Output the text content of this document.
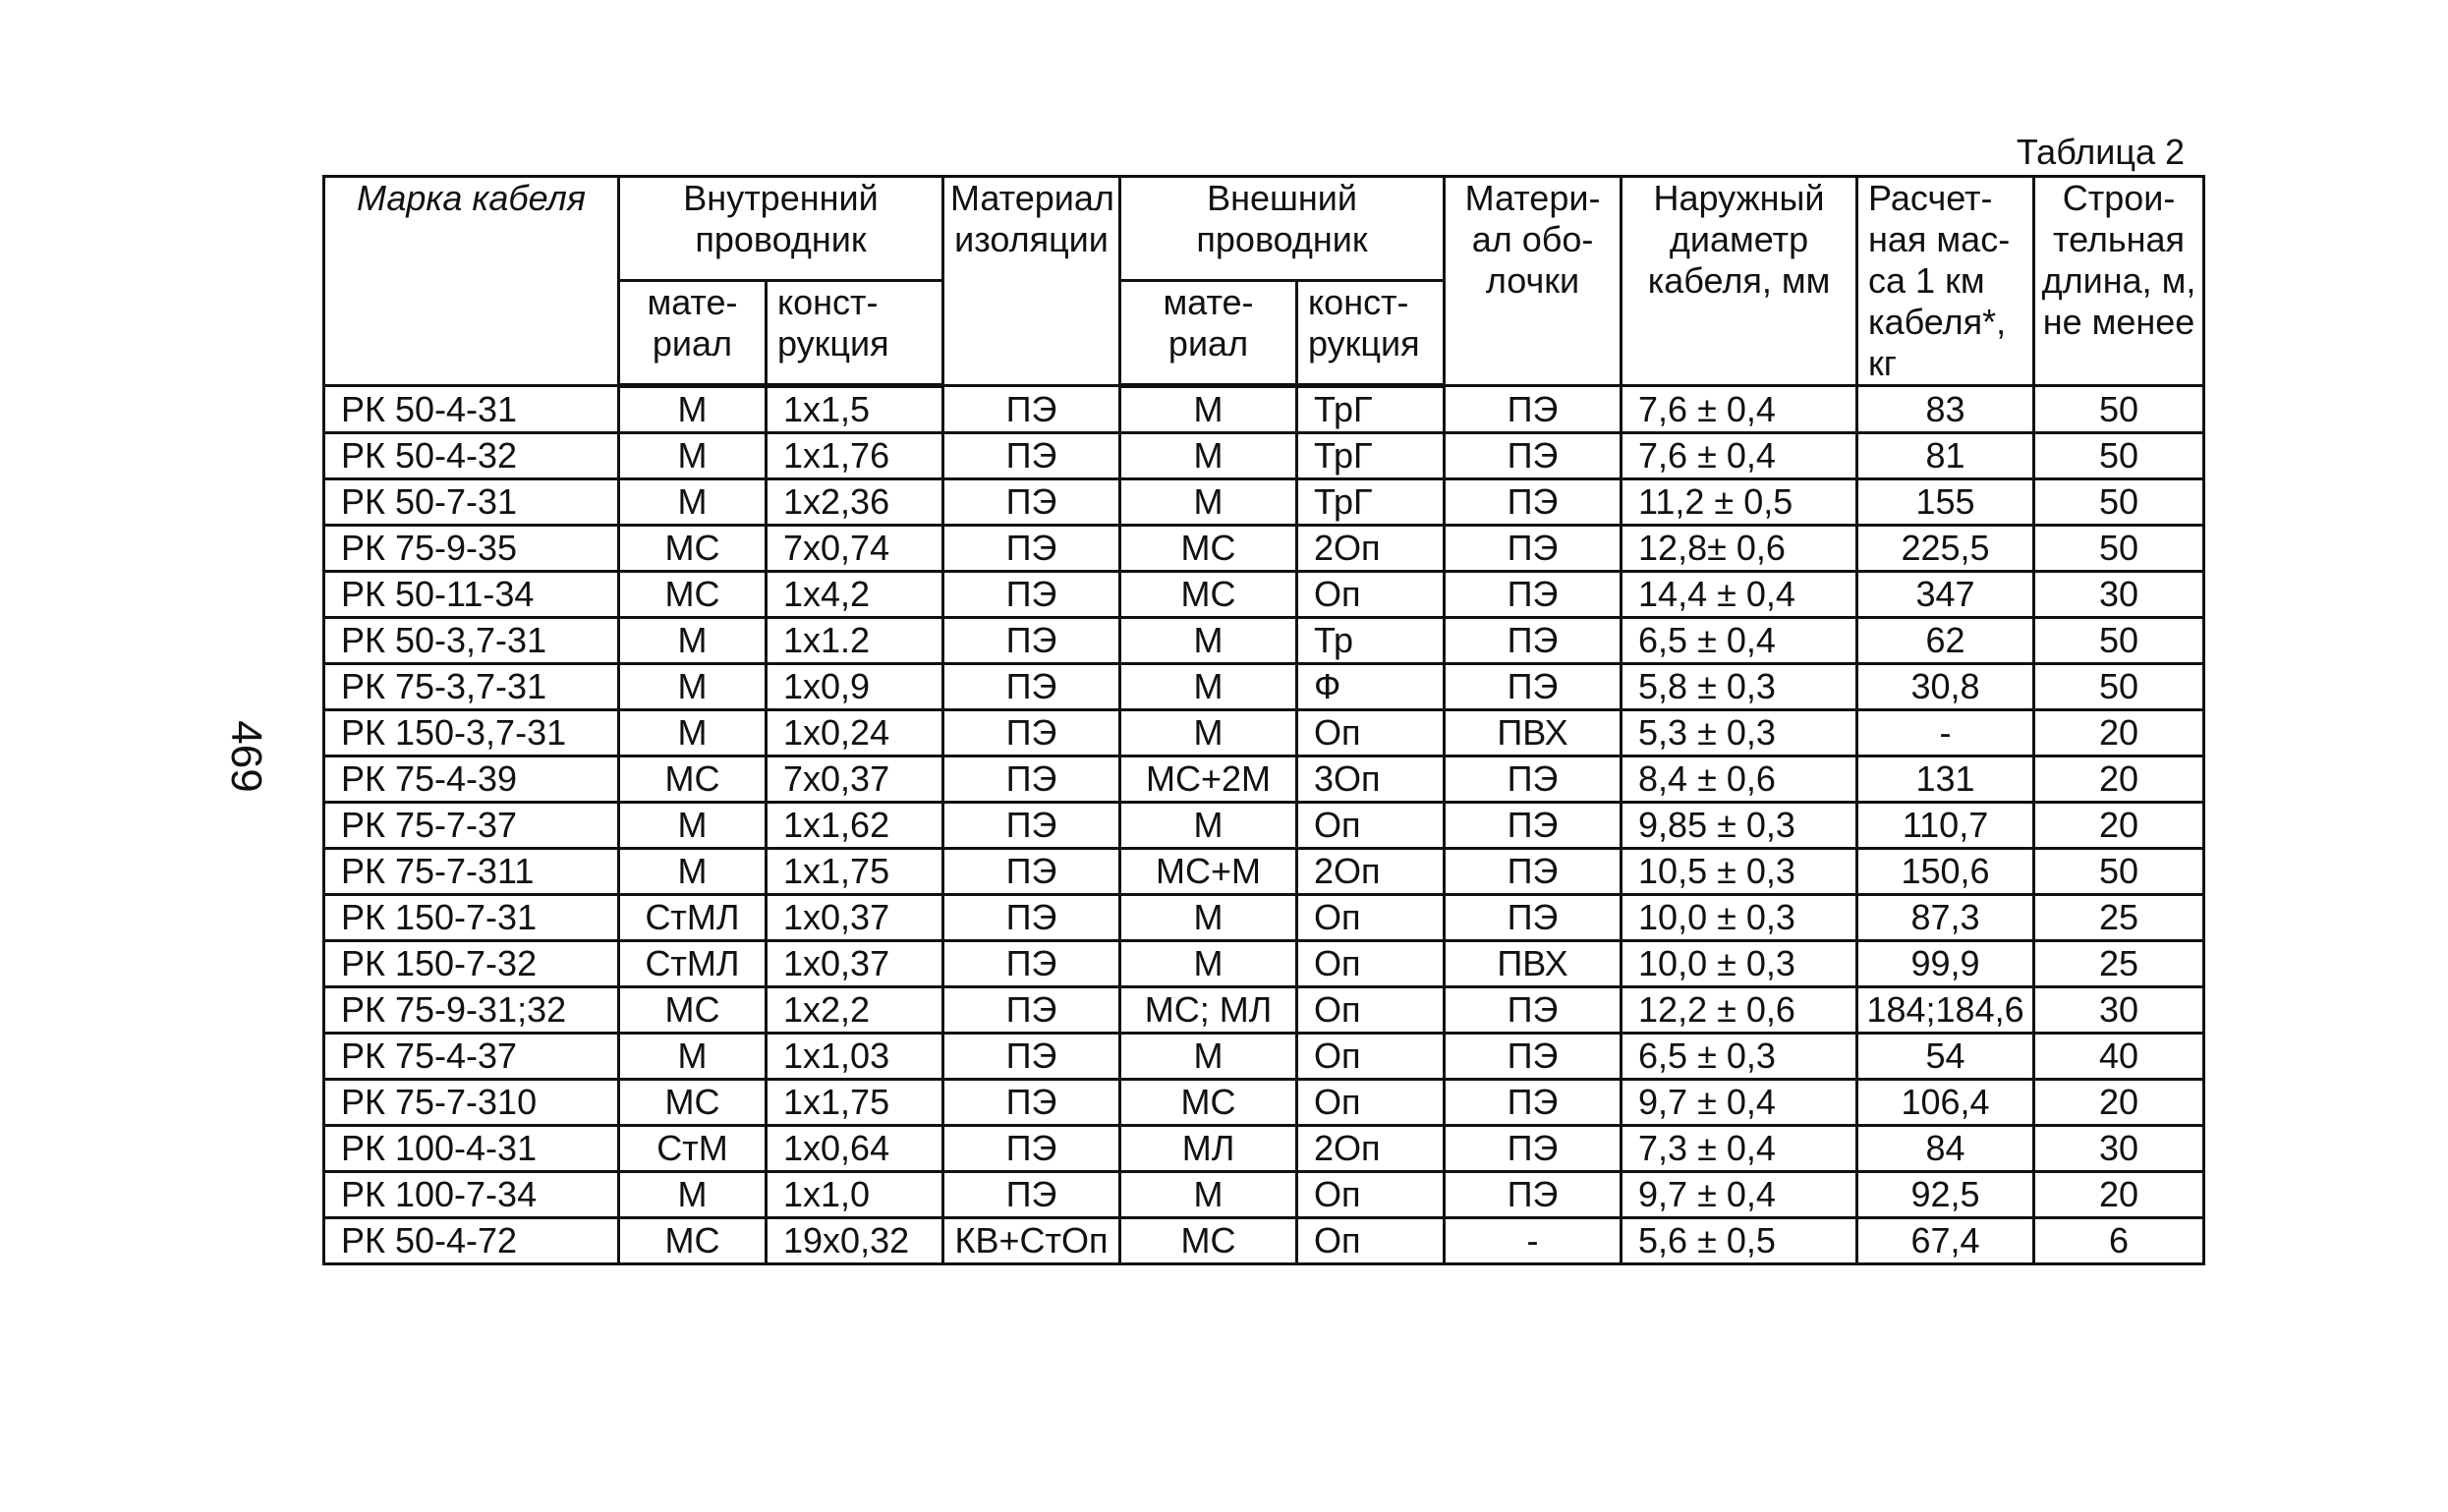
469
Таблица 2
Марка кабеля	Внутренний проводник		Материал изоляции	Внешний проводник		Матери-ал обо-лочки	Наружный диаметр кабеля, мм	Расчет-ная мас-са 1 км кабеля*, кг	Строи-тельная длина, м, не менее
	мате-риал	конст-рукция		мате-риал	конст-рукция				
РК 50-4-31	М	1х1,5	ПЭ	М	ТрГ	ПЭ	7,6 ± 0,4	83	50
РК 50-4-32	М	1х1,76	ПЭ	М	ТрГ	ПЭ	7,6 ± 0,4	81	50
РК 50-7-31	М	1х2,36	ПЭ	М	ТрГ	ПЭ	11,2 ± 0,5	155	50
РК 75-9-35	МС	7х0,74	ПЭ	МС	2Оп	ПЭ	12,8± 0,6	225,5	50
РК 50-11-34	МС	1х4,2	ПЭ	МС	Оп	ПЭ	14,4 ± 0,4	347	30
РК 50-3,7-31	М	1х1.2	ПЭ	М	Тр	ПЭ	6,5 ± 0,4	62	50
РК 75-3,7-31	М	1х0,9	ПЭ	М	Ф	ПЭ	5,8 ± 0,3	30,8	50
РК 150-3,7-31	М	1х0,24	ПЭ	М	Оп	ПВХ	5,3 ± 0,3	-	20
РК 75-4-39	МС	7х0,37	ПЭ	МС+2М	3Оп	ПЭ	8,4 ± 0,6	131	20
РК 75-7-37	М	1х1,62	ПЭ	М	Оп	ПЭ	9,85 ± 0,3	110,7	20
РК 75-7-311	М	1х1,75	ПЭ	МС+М	2Оп	ПЭ	10,5 ± 0,3	150,6	50
РК 150-7-31	СтМЛ	1х0,37	ПЭ	М	Оп	ПЭ	10,0 ± 0,3	87,3	25
РК 150-7-32	СтМЛ	1х0,37	ПЭ	М	Оп	ПВХ	10,0 ± 0,3	99,9	25
РК 75-9-31;32	МС	1х2,2	ПЭ	МС; МЛ	Оп	ПЭ	12,2 ± 0,6	184;184,6	30
РК 75-4-37	М	1х1,03	ПЭ	М	Оп	ПЭ	6,5 ± 0,3	54	40
РК 75-7-310	МС	1х1,75	ПЭ	МС	Оп	ПЭ	9,7 ± 0,4	106,4	20
РК 100-4-31	СтМ	1х0,64	ПЭ	МЛ	2Оп	ПЭ	7,3 ± 0,4	84	30
РК 100-7-34	М	1х1,0	ПЭ	М	Оп	ПЭ	9,7 ± 0,4	92,5	20
РК 50-4-72	МС	19х0,32	КВ+СтОп	МС	Оп	-	5,6 ± 0,5	67,4	6
